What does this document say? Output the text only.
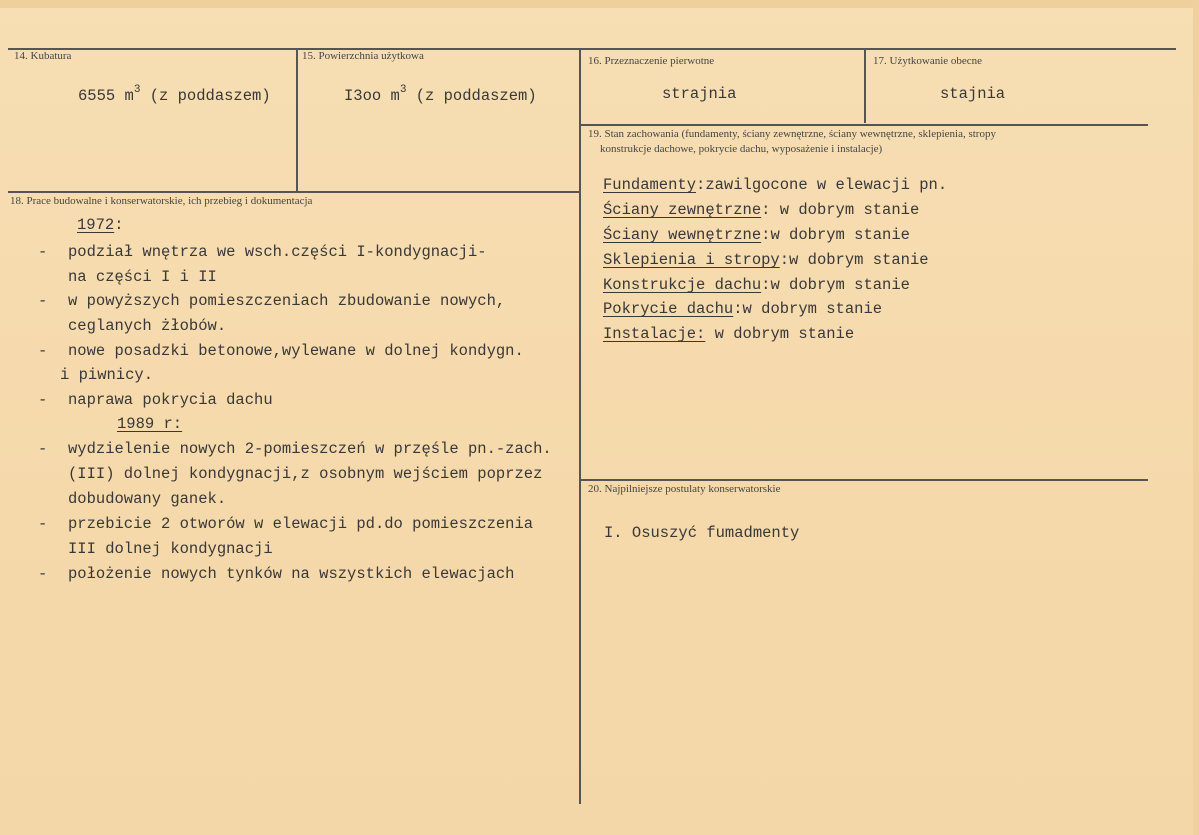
14. Kubatura
6555 $m^3$ (z poddaszem)
15. Powierzchnia użytkowa
I3oo $m^3$ (z poddaszem)
16. Przeznaczenie pierwotne
strajnia
17. Użytkowanie obecne
stajnia
18. Prace budowalne i konserwatorskie, ich przebieg i dokumentacja
1972:
1989 r:
-
-
-
-
-
-
-
podział wnętrza we wsch.części I-kondygnacji-
na części I i II
w powyższych pomieszczeniach zbudowanie nowych,
ceglanych żłobów.
nowe posadzki betonowe,wylewane w dolnej kondygn.
i piwnicy.
naprawa pokrycia dachu
wydzielenie nowych 2-pomieszczeń w przęśle pn.-zach.
(III) dolnej kondygnacji,z osobnym wejściem poprzez
dobudowany ganek.
przebicie 2 otworów w elewacji pd.do pomieszczenia
III dolnej kondygnacji
położenie nowych tynków na wszystkich elewacjach
19. Stan zachowania (fundamenty, ściany zewnętrzne, ściany wewnętrzne, sklepienia, stropy
konstrukcje dachowe, pokrycie dachu, wyposażenie i instalacje)
Fundamenty:zawilgocone w elewacji pn.
Ściany zewnętrzne: w dobrym stanie
Ściany wewnętrzne:w dobrym stanie
Sklepienia i stropy:w dobrym stanie
Konstrukcje dachu:w dobrym stanie
Pokrycie dachu:w dobrym stanie
Instalacje: w dobrym stanie
20. Najpilniejsze postulaty konserwatorskie
I. Osuszyć fumadmenty
